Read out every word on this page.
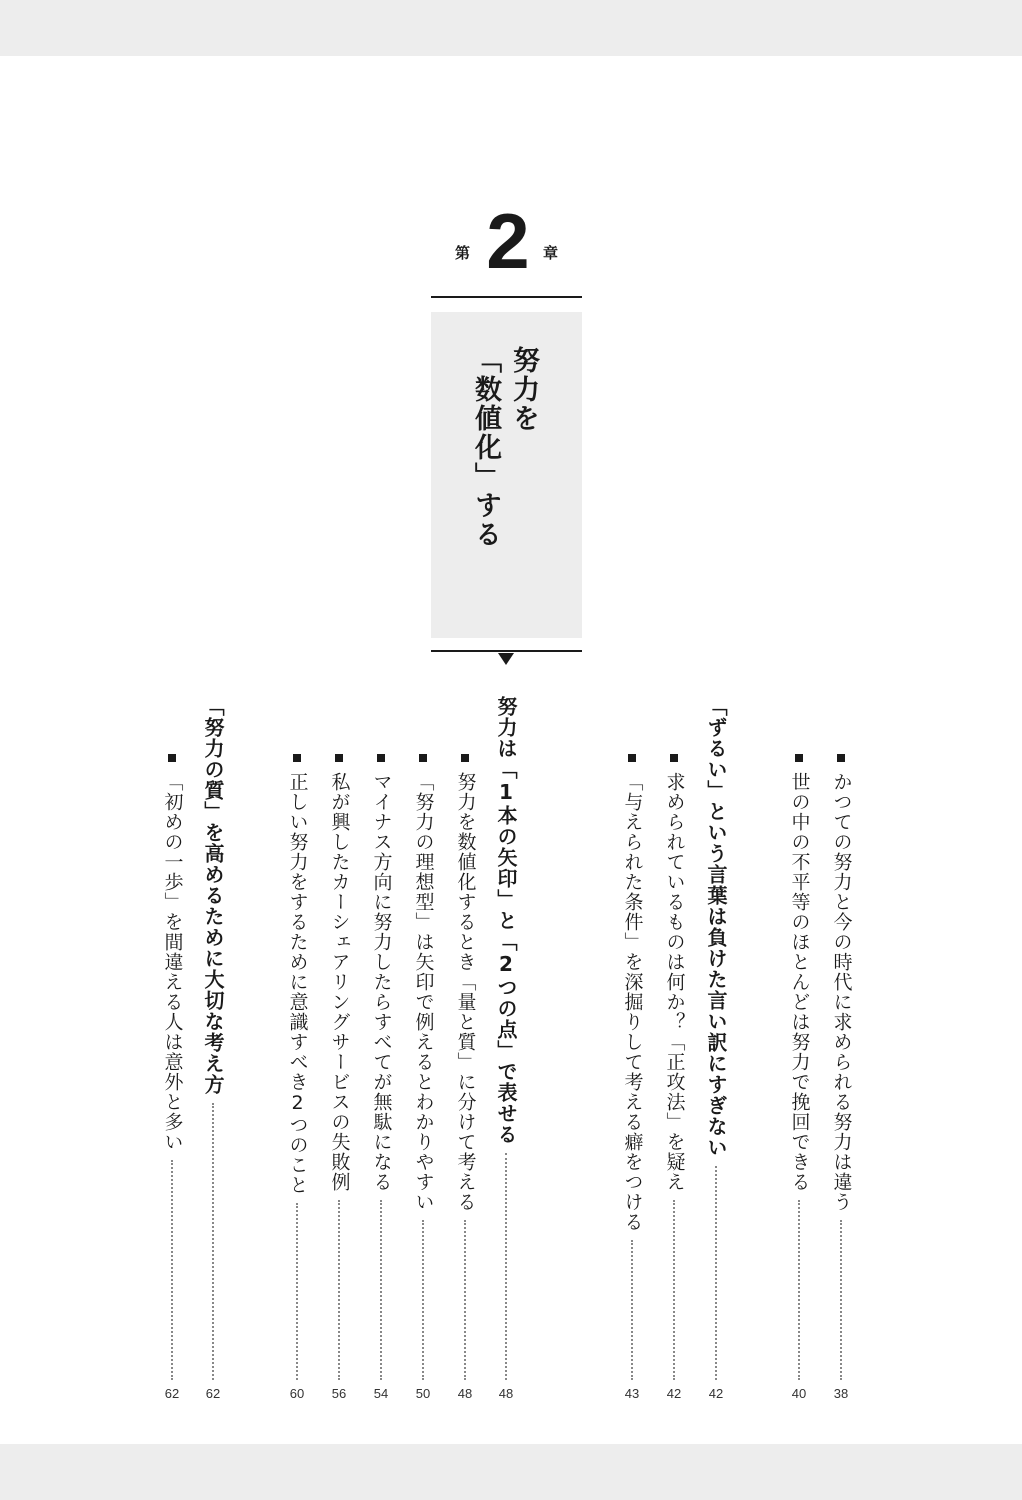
第 2 章
努力を
「数値化」する
かつての努力と今の時代に求められる努力は違う
38
世の中の不平等のほとんどは努力で挽回できる
40
「ずるい」という言葉は負けた言い訳にすぎない
42
求められているものは何か？「正攻法」を疑え
42
「与えられた条件」を深掘りして考える癖をつける
43
努力は「1本の矢印」と「2つの点」で表せる
48
努力を数値化するとき「量と質」に分けて考える
48
「努力の理想型」は矢印で例えるとわかりやすい
50
マイナス方向に努力したらすべてが無駄になる
54
私が興したカーシェアリングサービスの失敗例
56
正しい努力をするために意識すべき2つのこと
60
「努力の質」を高めるために大切な考え方
62
「初めの一歩」を間違える人は意外と多い
62
